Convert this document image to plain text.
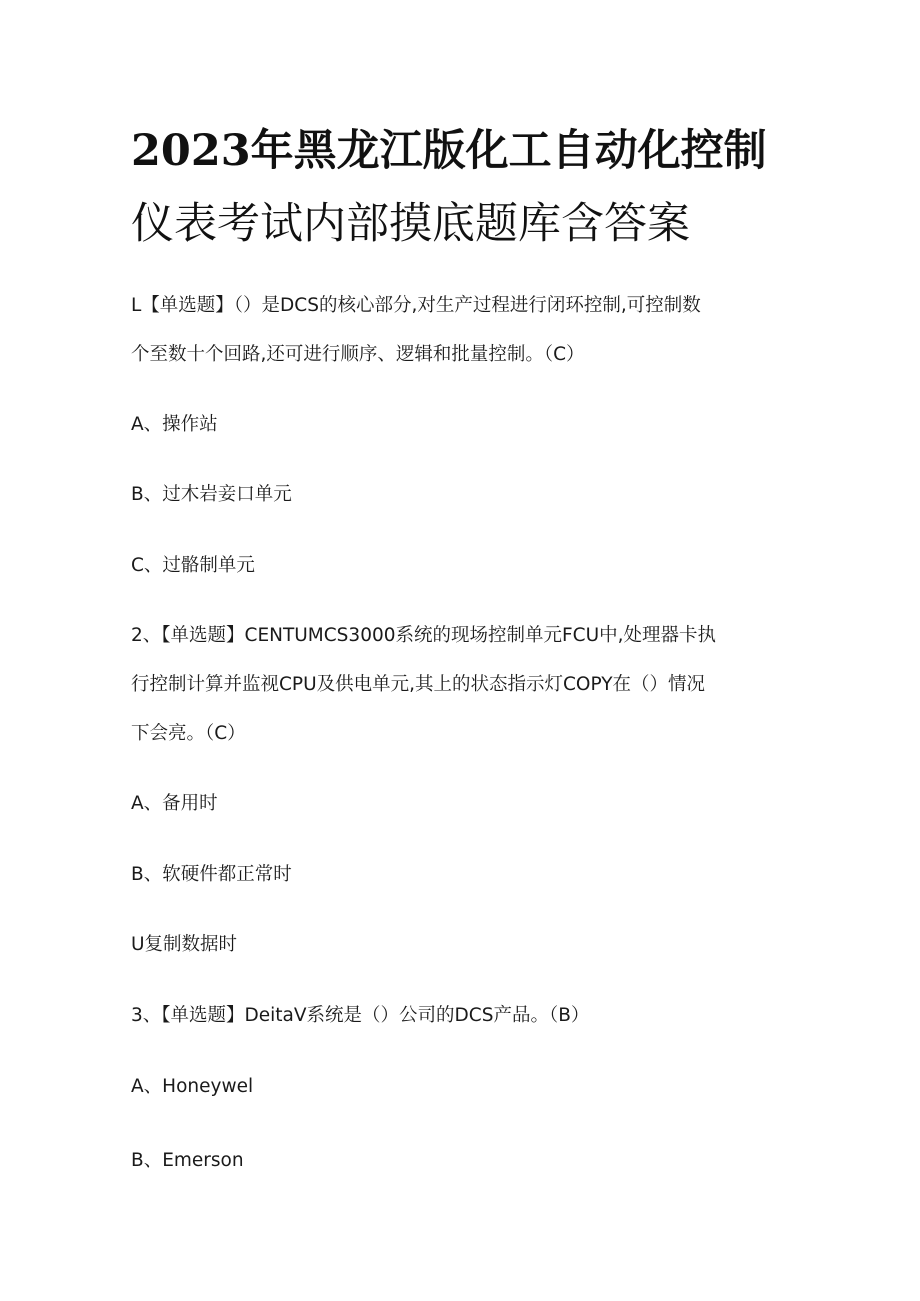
2023年黑龙江版化工自动化控制
仪表考试内部摸底题库含答案
L【单选题】（）是DCS的核心部分,对生产过程进行闭环控制,可控制数
个至数十个回路,还可进行顺序、逻辑和批量控制。（C）
A、操作站
B、过木岩妾口单元
C、过骼制单元
2、【单选题】CENTUMCS3000系统的现场控制单元FCU中,处理器卡执
行控制计算并监视CPU及供电单元,其上的状态指示灯COPY在（）情况
下会亮。（C）
A、备用时
B、软硬件都正常时
U复制数据时
3、【单选题】DeitaV系统是（）公司的DCS产品。（B）
A、Honeywel
B、Emerson
